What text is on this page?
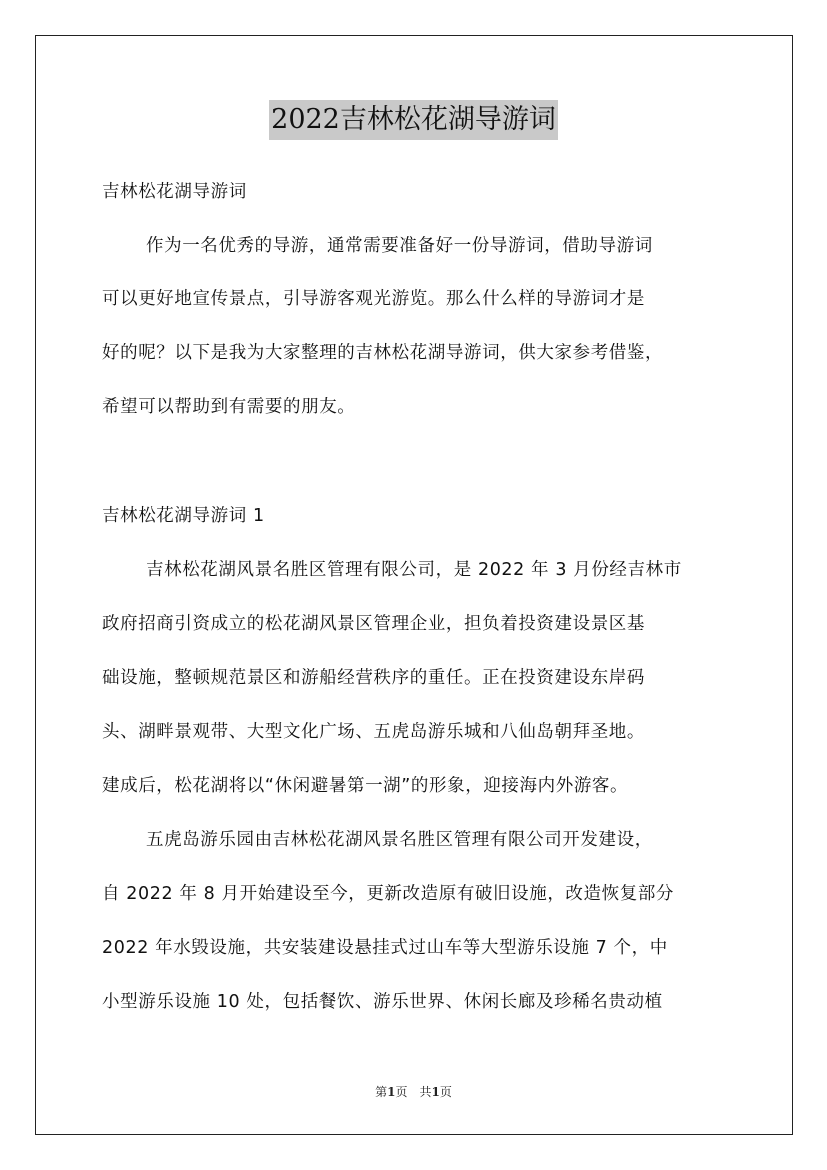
2022吉林松花湖导游词
吉林松花湖导游词
作为一名优秀的导游，通常需要准备好一份导游词，借助导游词
可以更好地宣传景点，引导游客观光游览。那么什么样的导游词才是
好的呢？以下是我为大家整理的吉林松花湖导游词，供大家参考借鉴，
希望可以帮助到有需要的朋友。
吉林松花湖导游词 1
吉林松花湖风景名胜区管理有限公司，是 2022 年 3 月份经吉林市
政府招商引资成立的松花湖风景区管理企业，担负着投资建设景区基
础设施，整顿规范景区和游船经营秩序的重任。正在投资建设东岸码
头、湖畔景观带、大型文化广场、五虎岛游乐城和八仙岛朝拜圣地。
建成后，松花湖将以“休闲避暑第一湖”的形象，迎接海内外游客。
五虎岛游乐园由吉林松花湖风景名胜区管理有限公司开发建设，
自 2022 年 8 月开始建设至今，更新改造原有破旧设施，改造恢复部分
2022 年水毁设施，共安装建设悬挂式过山车等大型游乐设施 7 个，中
小型游乐设施 10 处，包括餐饮、游乐世界、休闲长廊及珍稀名贵动植
第1页　共1页
